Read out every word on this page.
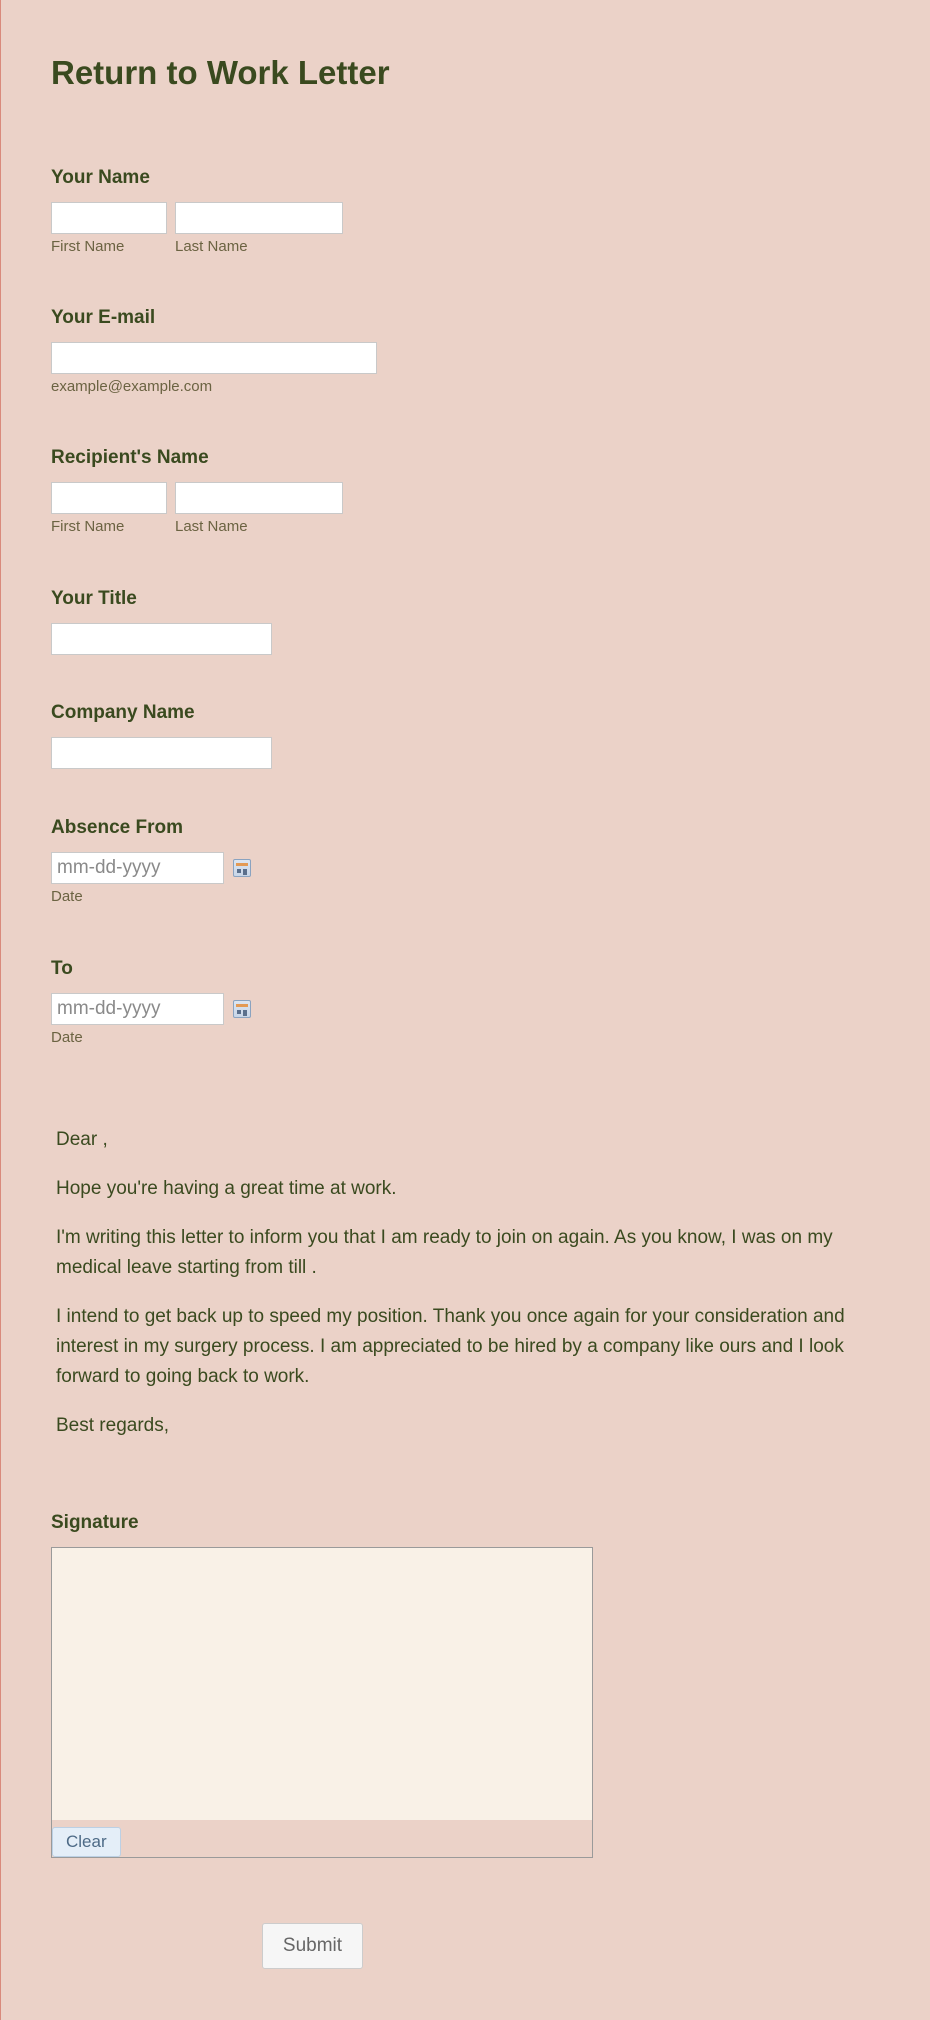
Return to Work Letter
Your Name
First Name	Last Name
Your E-mail
example@example.com
Recipient's Name
First Name	Last Name
Your Title
Company Name
Absence From
mm-dd-yyyy
Date
To
mm-dd-yyyy
Date

Dear ,

Hope you're having a great time at work.

I'm writing this letter to inform you that I am ready to join on again. As you know, I was on my medical leave starting from till .

I intend to get back up to speed my position. Thank you once again for your consideration and interest in my surgery process. I am appreciated to be hired by a company like ours and I look forward to going back to work.

Best regards,

Signature
Clear
Submit
